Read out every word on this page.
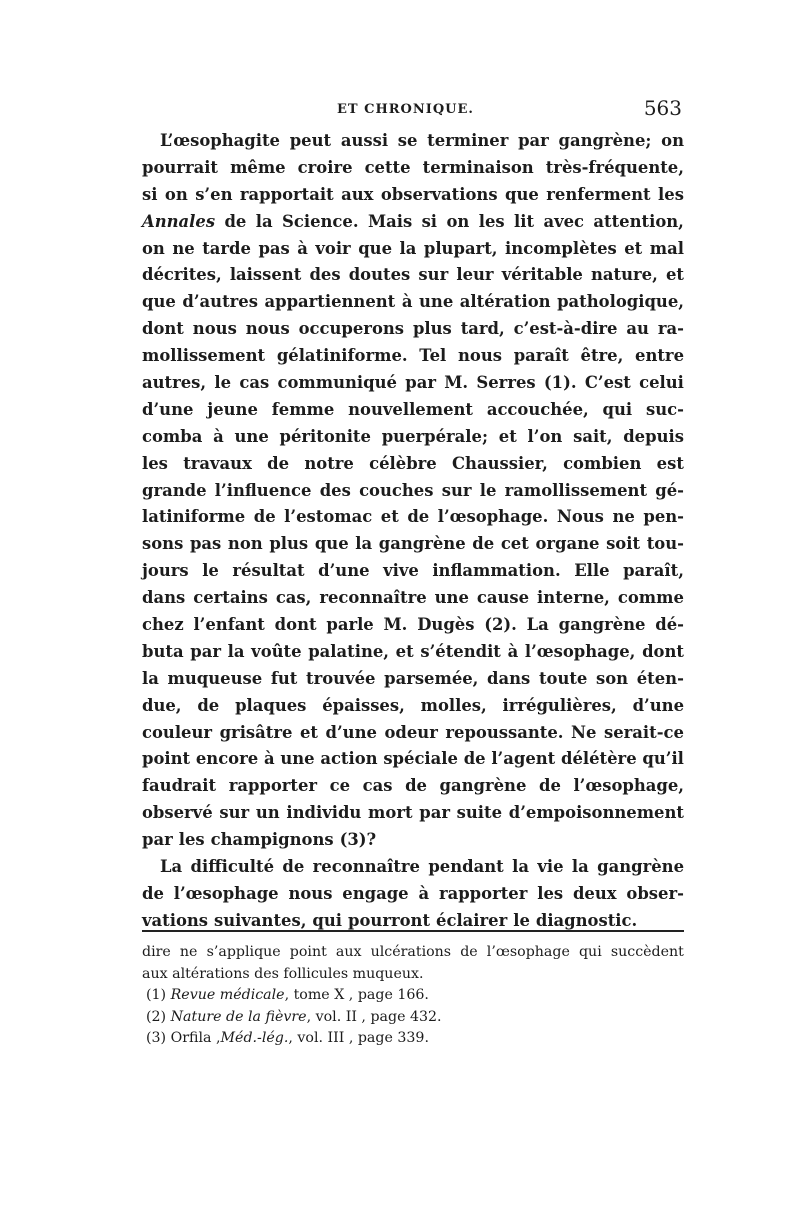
ET CHRONIQUE.	563
L’œsophagite peut aussi se terminer par gangrène; on
pourrait même croire cette terminaison très-fréquente,
si on s’en rapportait aux observations que renferment les
Annales de la Science. Mais si on les lit avec attention,
on ne tarde pas à voir que la plupart, incomplètes et mal
décrites, laissent des doutes sur leur véritable nature, et
que d’autres appartiennent à une altération pathologique,
dont nous nous occuperons plus tard, c’est-à-dire au ra-
mollissement gélatiniforme. Tel nous paraît être, entre
autres, le cas communiqué par M. Serres (1). C’est celui
d’une jeune femme nouvellement accouchée, qui suc-
comba à une péritonite puerpérale; et l’on sait, depuis
les travaux de notre célèbre Chaussier, combien est
grande l’influence des couches sur le ramollissement gé-
latiniforme de l’estomac et de l’œsophage. Nous ne pen-
sons pas non plus que la gangrène de cet organe soit tou-
jours le résultat d’une vive inflammation. Elle paraît,
dans certains cas, reconnaître une cause interne, comme
chez l’enfant dont parle M. Dugès (2). La gangrène dé-
buta par la voûte palatine, et s’étendit à l’œsophage, dont
la muqueuse fut trouvée parsemée, dans toute son éten-
due, de plaques épaisses, molles, irrégulières, d’une
couleur grisâtre et d’une odeur repoussante. Ne serait-ce
point encore à une action spéciale de l’agent délétère qu’il
faudrait rapporter ce cas de gangrène de l’œsophage,
observé sur un individu mort par suite d’empoisonnement
par les champignons (3)?
La difficulté de reconnaître pendant la vie la gangrène
de l’œsophage nous engage à rapporter les deux obser-
vations suivantes, qui pourront éclairer le diagnostic.
dire ne s’applique point aux ulcérations de l’œsophage qui succèdent
aux altérations des follicules muqueux.
(1)
Revue médicale , tome X , page 166.
(2)
Nature de la fièvre , vol. II , page 432.
(3)
Orfila , Méd.-lég. , vol. III , page 339.
